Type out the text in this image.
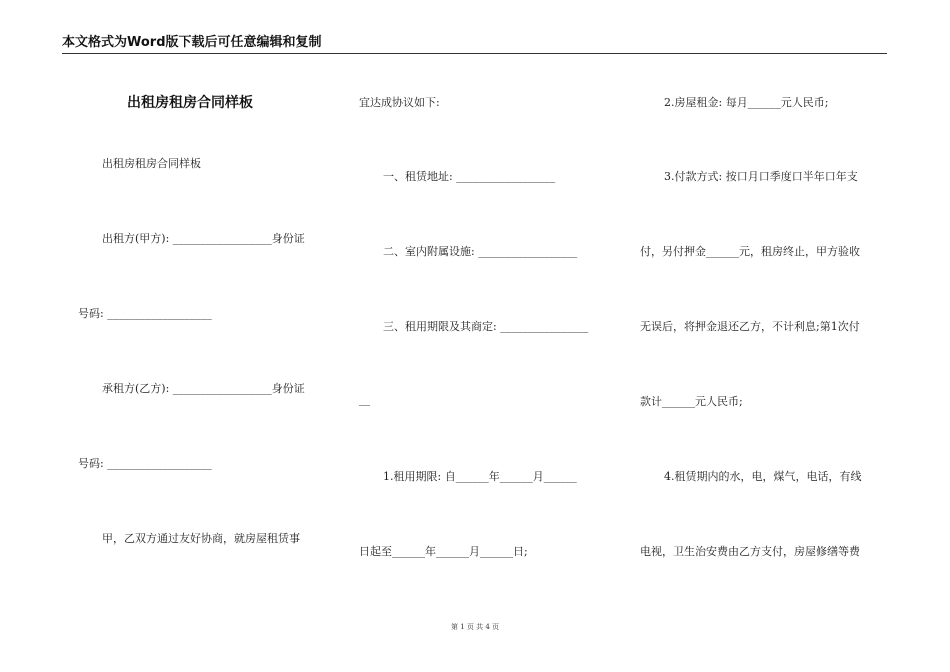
本文格式为Word版下载后可任意编辑和复制
出租房租房合同样板
出租房租房合同样板
出租方(甲方): __________________身份证
号码: ___________________
承租方(乙方): __________________身份证
号码: ___________________
甲，乙双方通过友好协商，就房屋租赁事
宜达成协议如下:
一、租赁地址: __________________
二、室内附属设施: __________________
三、租用期限及其商定: ________________
__
1.租用期限: 自______年______月______
日起至______年______月______日;
2.房屋租金: 每月______元人民币;
3.付款方式: 按口月口季度口半年口年支
付，另付押金______元，租房终止，甲方验收
无误后，将押金退还乙方，不计利息;第1次付
款计______元人民币;
4.租赁期内的水，电，煤气，电话，有线
电视，卫生治安费由乙方支付，房屋修缮等费
第 1 页 共 4 页
